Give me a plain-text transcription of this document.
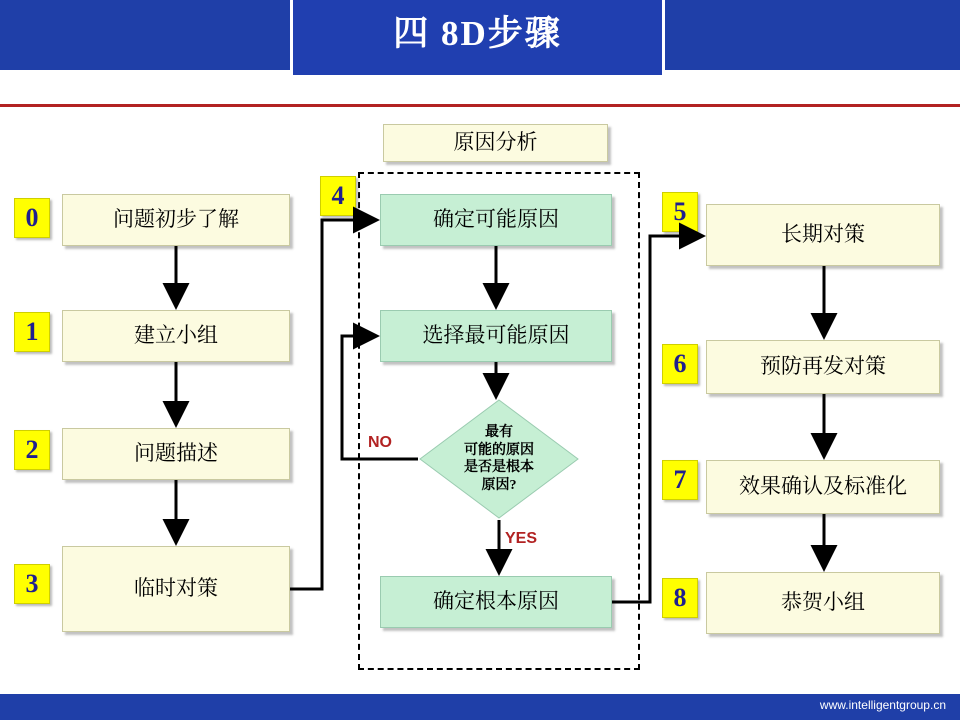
四 8D步骤
原因分析
0	问题初步了解
1	建立小组
2	问题描述
3	临时对策
4
确定可能原因
选择最可能原因
确定根本原因
最有
可能的原因
是否是根本
原因?
NO
YES
5
长期对策
6	预防再发对策
7	效果确认及标准化
8	恭贺小组
www.intelligentgroup.cn
